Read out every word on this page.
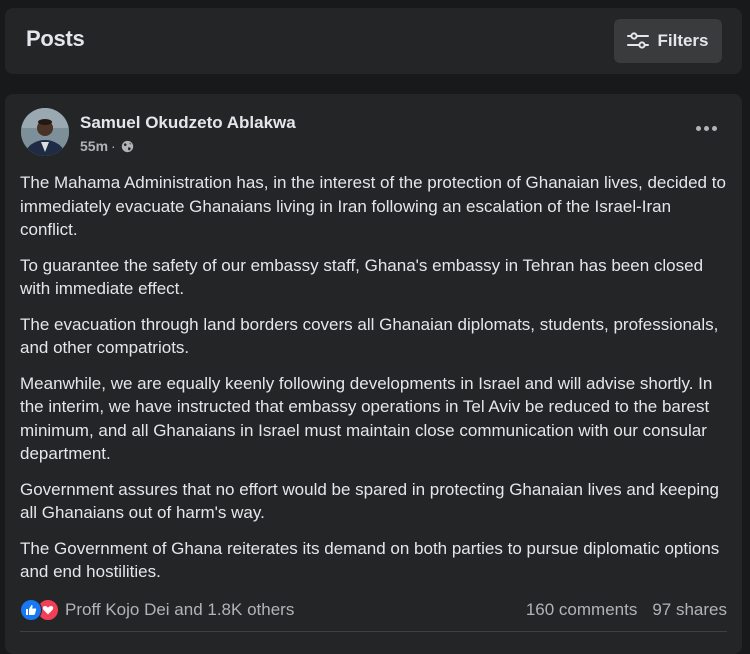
Posts	Filters
Samuel Okudzeto Ablakwa
55m ·

The Mahama Administration has, in the interest of the protection of Ghanaian lives, decided to immediately evacuate Ghanaians living in Iran following an escalation of the Israel-Iran conflict.

To guarantee the safety of our embassy staff, Ghana's embassy in Tehran has been closed with immediate effect.

The evacuation through land borders covers all Ghanaian diplomats, students, professionals, and other compatriots.

Meanwhile, we are equally keenly following developments in Israel and will advise shortly. In the interim, we have instructed that embassy operations in Tel Aviv be reduced to the barest minimum, and all Ghanaians in Israel must maintain close communication with our consular department.

Government assures that no effort would be spared in protecting Ghanaian lives and keeping all Ghanaians out of harm's way.

The Government of Ghana reiterates its demand on both parties to pursue diplomatic options and end hostilities.

Proff Kojo Dei and 1.8K others	160 comments 97 shares
